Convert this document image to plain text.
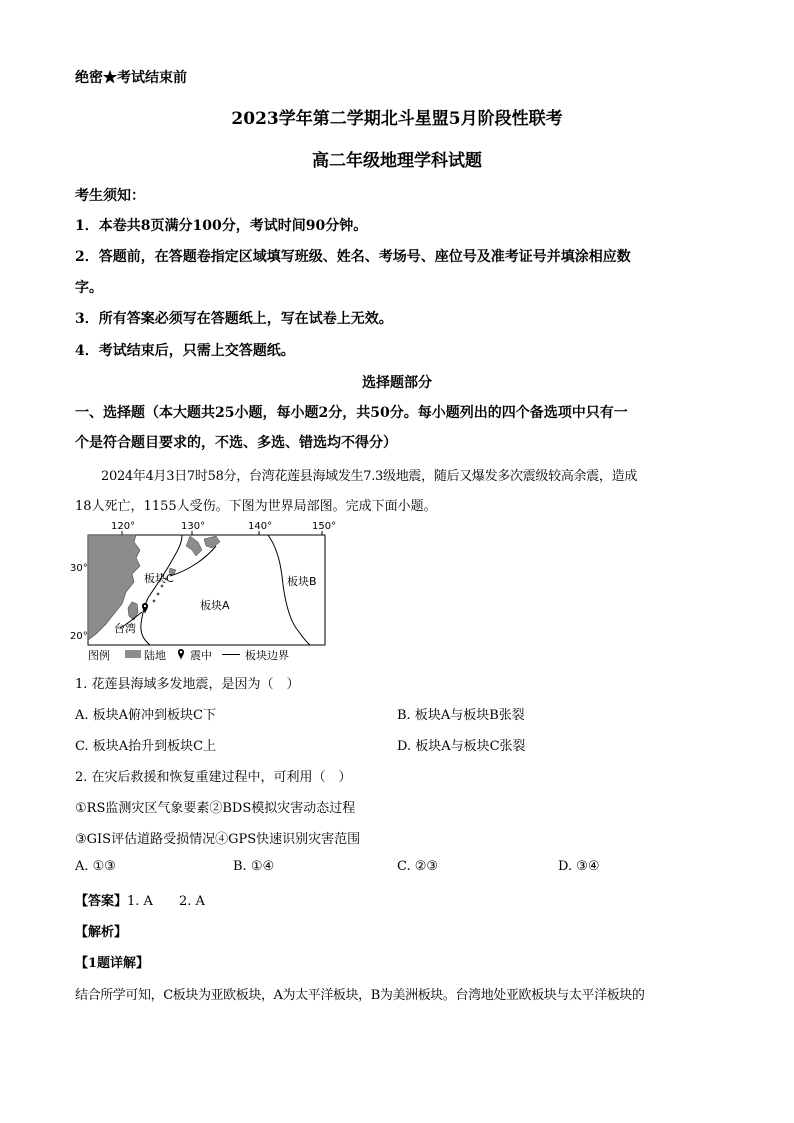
绝密★考试结束前
2023学年第二学期北斗星盟5月阶段性联考
高二年级地理学科试题
考生须知：
1．本卷共8页满分100分，考试时间90分钟。
2．答题前，在答题卷指定区域填写班级、姓名、考场号、座位号及准考证号并填涂相应数
字。
3．所有答案必须写在答题纸上，写在试卷上无效。
4．考试结束后，只需上交答题纸。
选择题部分
一、选择题（本大题共25小题，每小题2分，共50分。每小题列出的四个备选项中只有一
个是符合题目要求的，不选、多选、错选均不得分）
2024年4月3日7时58分，台湾花莲县海域发生7.3级地震，随后又爆发多次震级较高余震，造成
18人死亡，1155人受伤。下图为世界局部图。完成下面小题。
120°	130°	140°	150°
30°
20°
板块C
板块A
板块B
台湾
图例	陆地 震中	板块边界
1. 花莲县海域多发地震，是因为（　）
A. 板块A俯冲到板块C下	B. 板块A与板块B张裂
C. 板块A抬升到板块C上	D. 板块A与板块C张裂
2. 在灾后救援和恢复重建过程中，可利用（　）
①RS监测灾区气象要素②BDS模拟灾害动态过程
③GIS评估道路受损情况④GPS快速识别灾害范围
A. ①③	B. ①④	C. ②③	D. ③④
【答案】1. A　　2. A
【解析】
【1题详解】
结合所学可知，C板块为亚欧板块，A为太平洋板块，B为美洲板块。台湾地处亚欧板块与太平洋板块的
